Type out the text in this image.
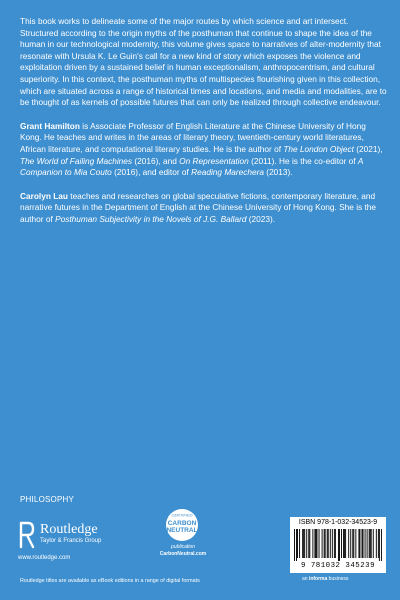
This book works to delineate some of the major routes by which science and art intersect. Structured according to the origin myths of the posthuman that continue to shape the idea of the human in our technological modernity, this volume gives space to narratives of alter-modernity that resonate with Ursula K. Le Guin's call for a new kind of story which exposes the violence and exploitation driven by a sustained belief in human exceptionalism, anthropocentrism, and cultural superiority. In this context, the posthuman myths of multispecies flourishing given in this collection, which are situated across a range of historical times and locations, and media and modalities, are to be thought of as kernels of possible futures that can only be realized through collective endeavour.

Grant Hamilton is Associate Professor of English Literature at the Chinese University of Hong Kong. He teaches and writes in the areas of literary theory, twentieth-century world literatures, African literature, and computational literary studies. He is the author of The London Object (2021), The World of Failing Machines (2016), and On Representation (2011). He is the co-editor of A Companion to Mia Couto (2016), and editor of Reading Marechera (2013).

Carolyn Lau teaches and researches on global speculative fictions, contemporary literature, and narrative futures in the Department of English at the Chinese University of Hong Kong. She is the author of Posthuman Subjectivity in the Novels of J.G. Ballard (2023).

PHILOSOPHY
Routledge
Taylor & Francis Group
www.routledge.com
CERTIFIED
CARBON
NEUTRAL
publication
CarbonNeutral.com
ISBN 978-1-032-34523-9
9 781032 345239
an informa business
Routledge titles are available as eBook editions in a range of digital formats
